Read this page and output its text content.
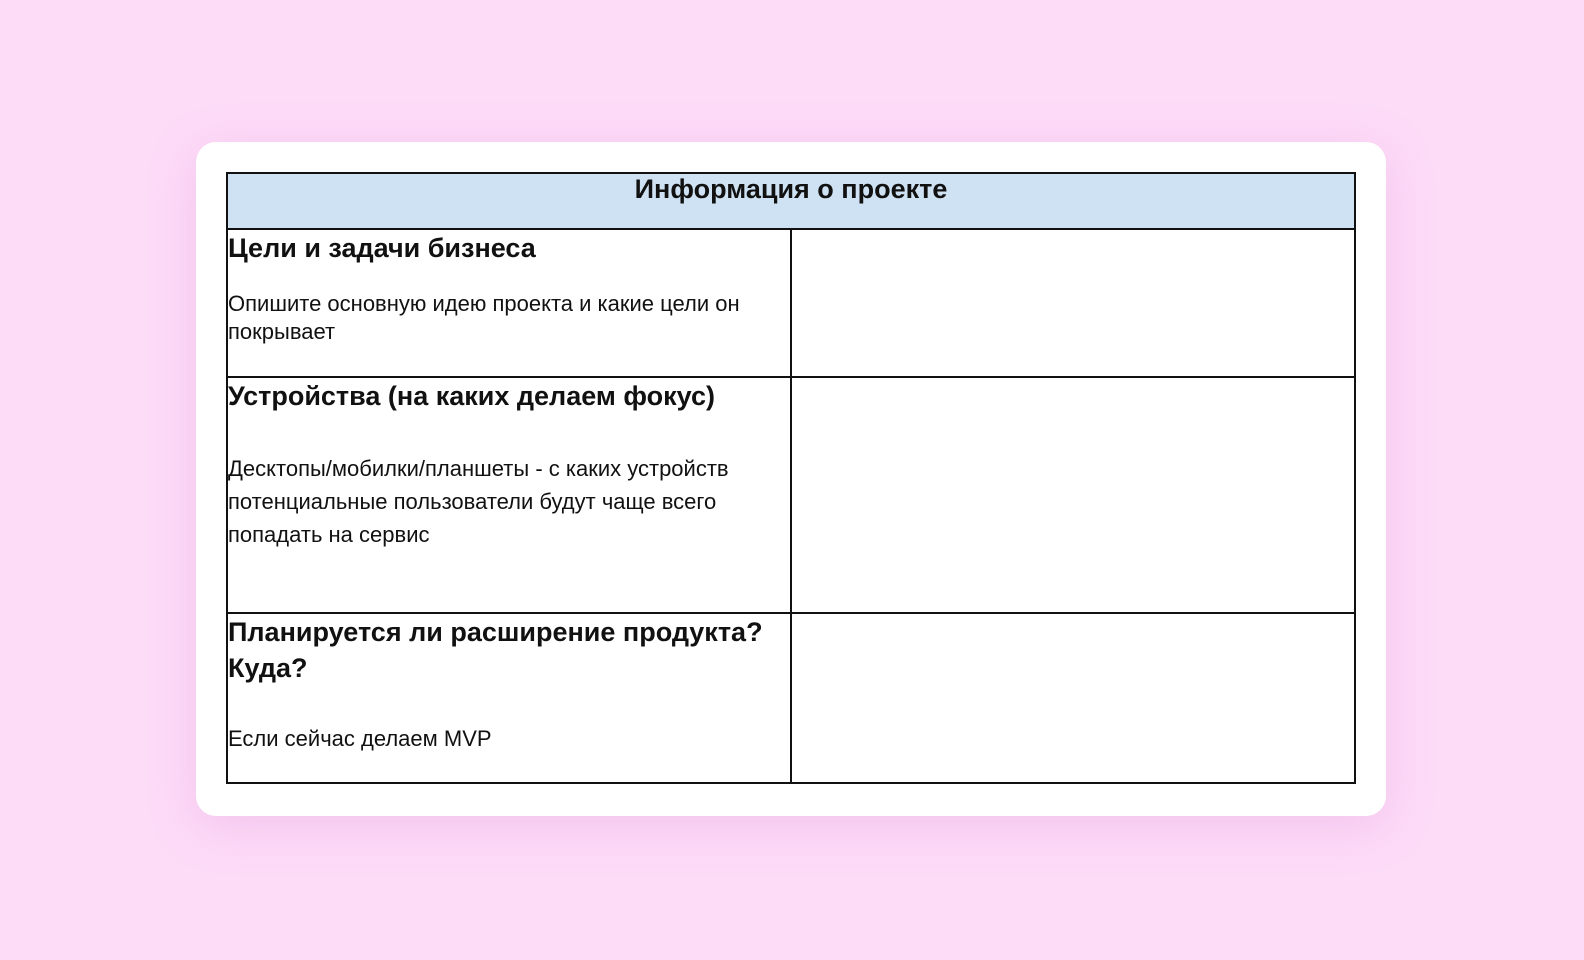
Информация о проекте	

Цели и задачи бизнеса
Опишите основную идею проекта и какие цели он покрывает	

Устройства (на каких делаем фокус)
Десктопы/мобилки/планшеты - с каких устройств потенциальные пользователи будут чаще всего попадать на сервис	

Планируется ли расширение продукта? Куда?
Если сейчас делаем MVP	
